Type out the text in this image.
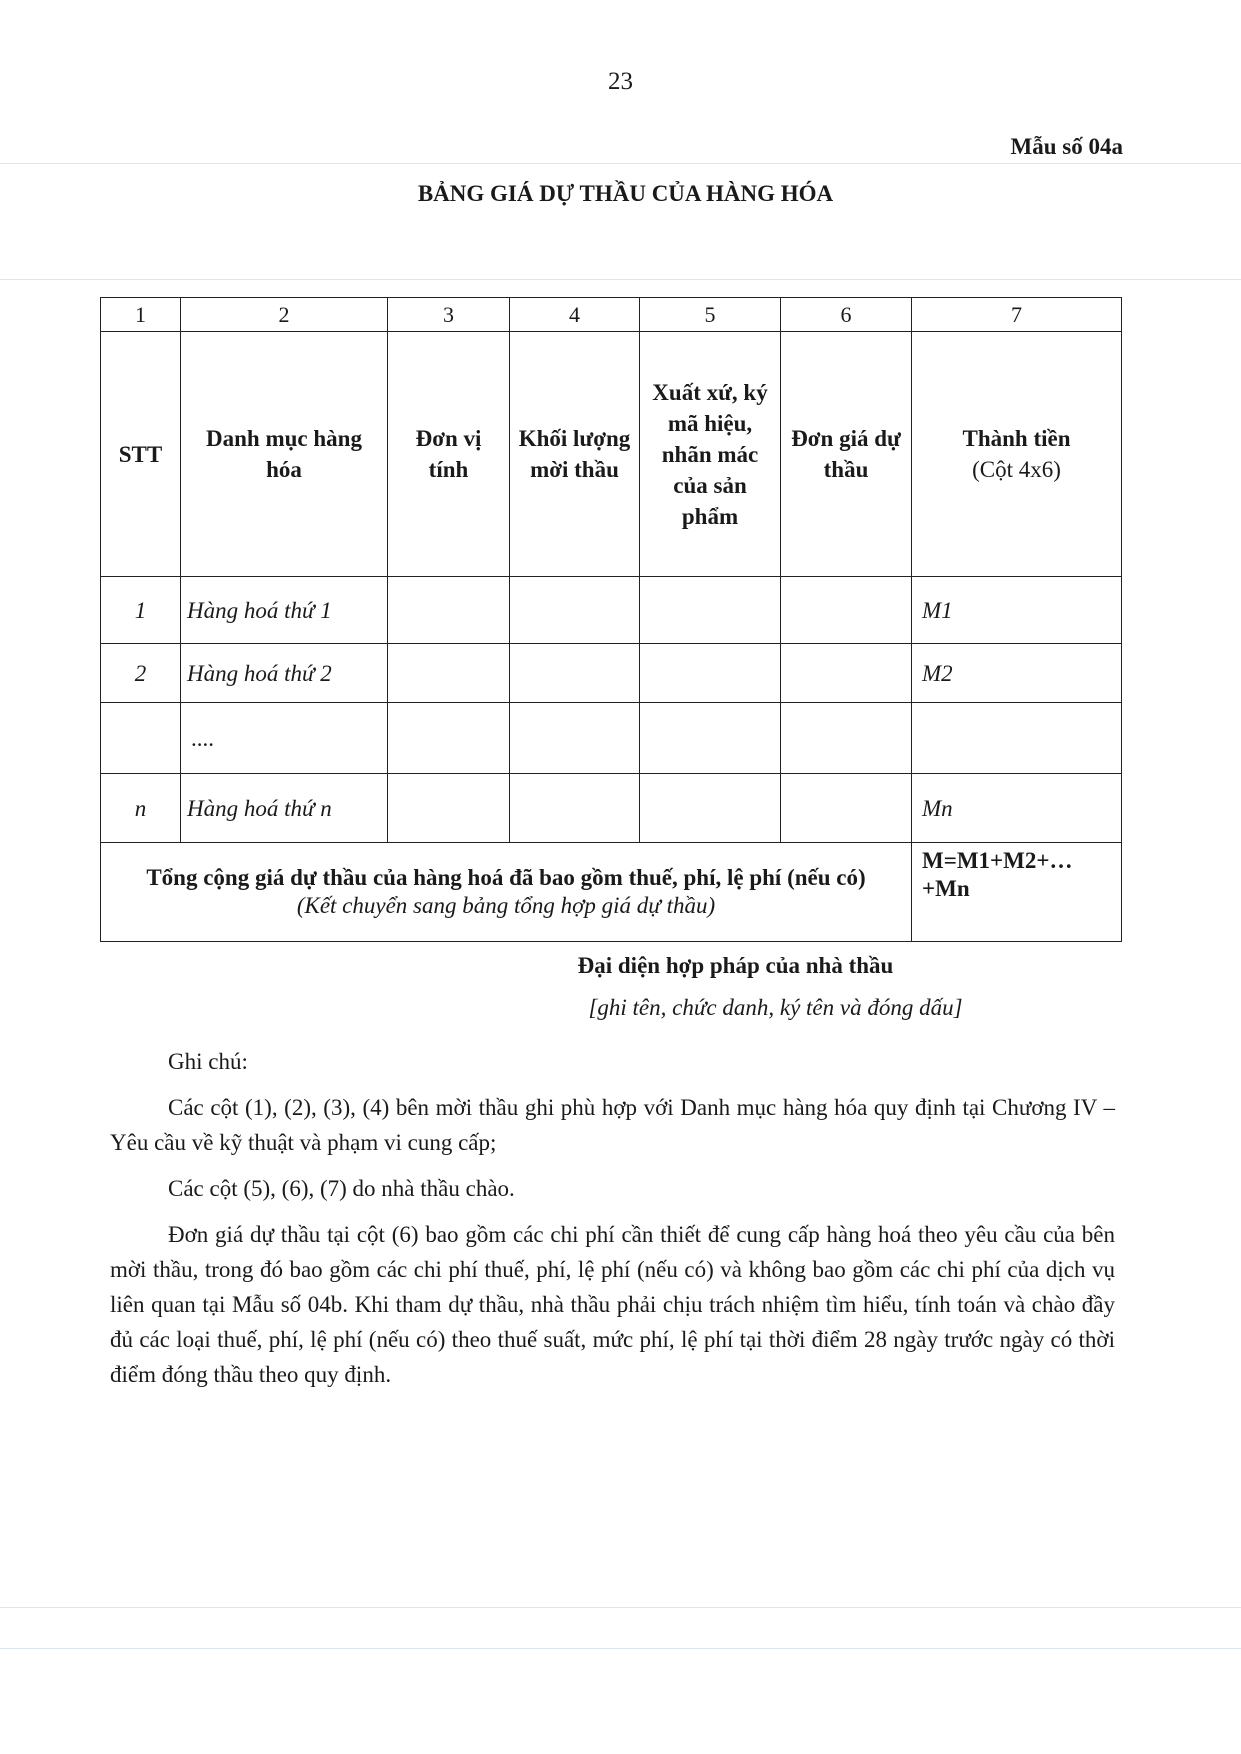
23
Mẫu số 04a
BẢNG GIÁ DỰ THẦU CỦA HÀNG HÓA
1	2	3	4	5	6	7
STT	Danh mục hàng hóa	Đơn vị tính	Khối lượng mời thầu	Xuất xứ, ký mã hiệu, nhãn mác của sản phẩm	Đơn giá dự thầu	Thành tiền
(Cột 4x6)
1	Hàng hoá thứ 1					M1
2	Hàng hoá thứ 2					M2
	....					
n	Hàng hoá thứ n					Mn

Tổng cộng giá dự thầu của hàng hoá đã bao gồm thuế, phí, lệ phí (nếu có)
(Kết chuyển sang bảng tổng hợp giá dự thầu)						M=M1+M2+…+Mn
Đại diện hợp pháp của nhà thầu
[ghi tên, chức danh, ký tên và đóng dấu]

Ghi chú:

Các cột (1), (2), (3), (4) bên mời thầu ghi phù hợp với Danh mục hàng hóa quy định tại Chương IV – Yêu cầu về kỹ thuật và phạm vi cung cấp;

Các cột (5), (6), (7) do nhà thầu chào.

Đơn giá dự thầu tại cột (6) bao gồm các chi phí cần thiết để cung cấp hàng hoá theo yêu cầu của bên mời thầu, trong đó bao gồm các chi phí thuế, phí, lệ phí (nếu có) và không bao gồm các chi phí của dịch vụ liên quan tại Mẫu số 04b. Khi tham dự thầu, nhà thầu phải chịu trách nhiệm tìm hiểu, tính toán và chào đầy đủ các loại thuế, phí, lệ phí (nếu có) theo thuế suất, mức phí, lệ phí tại thời điểm 28 ngày trước ngày có thời điểm đóng thầu theo quy định.
